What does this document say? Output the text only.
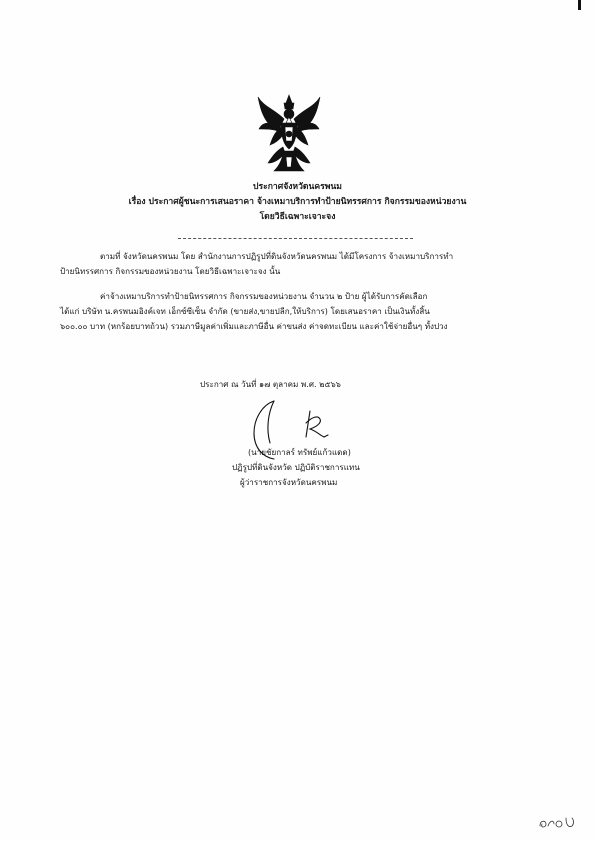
ประกาศจังหวัดนครพนม
เรื่อง ประกาศผู้ชนะการเสนอราคา จ้างเหมาบริการทำป้ายนิทรรศการ กิจกรรมของหน่วยงาน
โดยวิธีเฉพาะเจาะจง
ตามที่ จังหวัดนครพนม โดย สำนักงานการปฏิรูปที่ดินจังหวัดนครพนม ได้มีโครงการ จ้างเหมาบริการทำ
ป้ายนิทรรศการ กิจกรรมของหน่วยงาน โดยวิธีเฉพาะเจาะจง นั้น
ค่าจ้างเหมาบริการทำป้ายนิทรรศการ กิจกรรมของหน่วยงาน จำนวน ๒ ป้าย ผู้ได้รับการคัดเลือก
ได้แก่ บริษัท น.ครพนมอิงค์เจท เอ็กซ์ซีเซ็น จำกัด (ขายส่ง,ขายปลีก,ให้บริการ) โดยเสนอราคา เป็นเงินทั้งสิ้น
๖๐๐.๐๐ บาท (หกร้อยบาทถ้วน) รวมภาษีมูลค่าเพิ่มและภาษีอื่น ค่าขนส่ง ค่าจดทะเบียน และค่าใช้จ่ายอื่นๆ ทั้งปวง
ประกาศ ณ วันที่ ๑๗ ตุลาคม พ.ศ. ๒๕๖๖
(นายชัยกาลร์ ทรัพย์แก้วแดด)
ปฏิรูปที่ดินจังหวัด ปฏิบัติราชการแทน
ผู้ว่าราชการจังหวัดนครพนม
